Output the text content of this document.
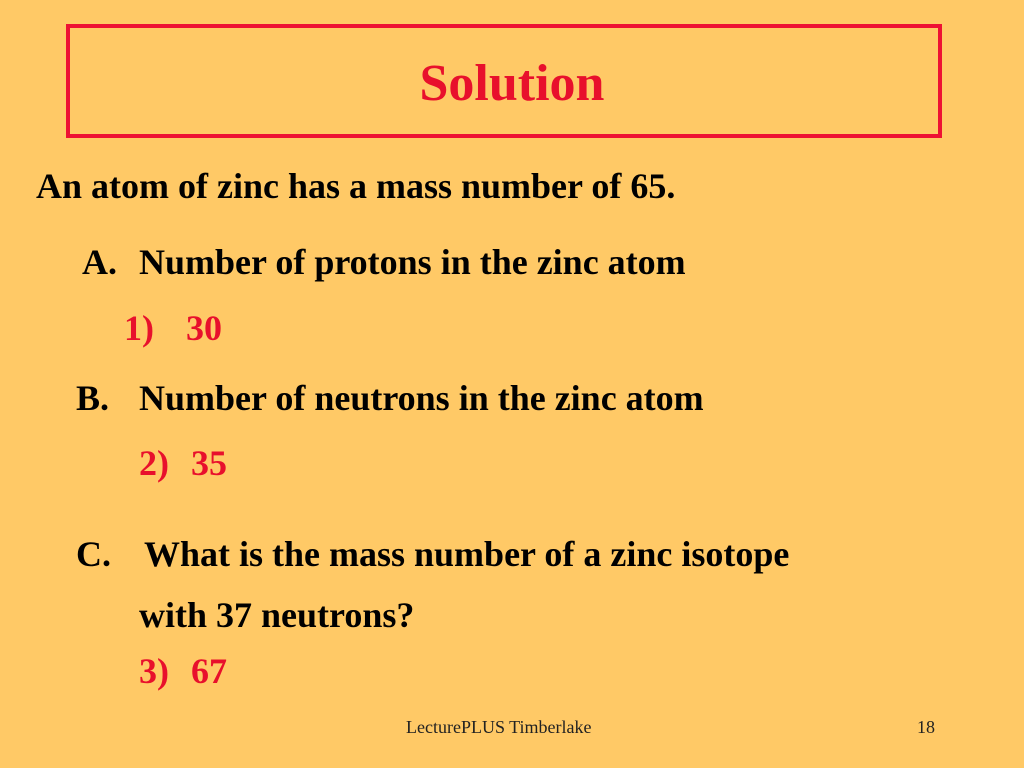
Solution

An atom of zinc has a mass number of 65.

A. Number of protons in the zinc atom
1) 30
B. Number of neutrons in the zinc atom
2) 35
C. What is the mass number of a zinc isotope
with 37 neutrons?
3) 67
LecturePLUS Timberlake	18
